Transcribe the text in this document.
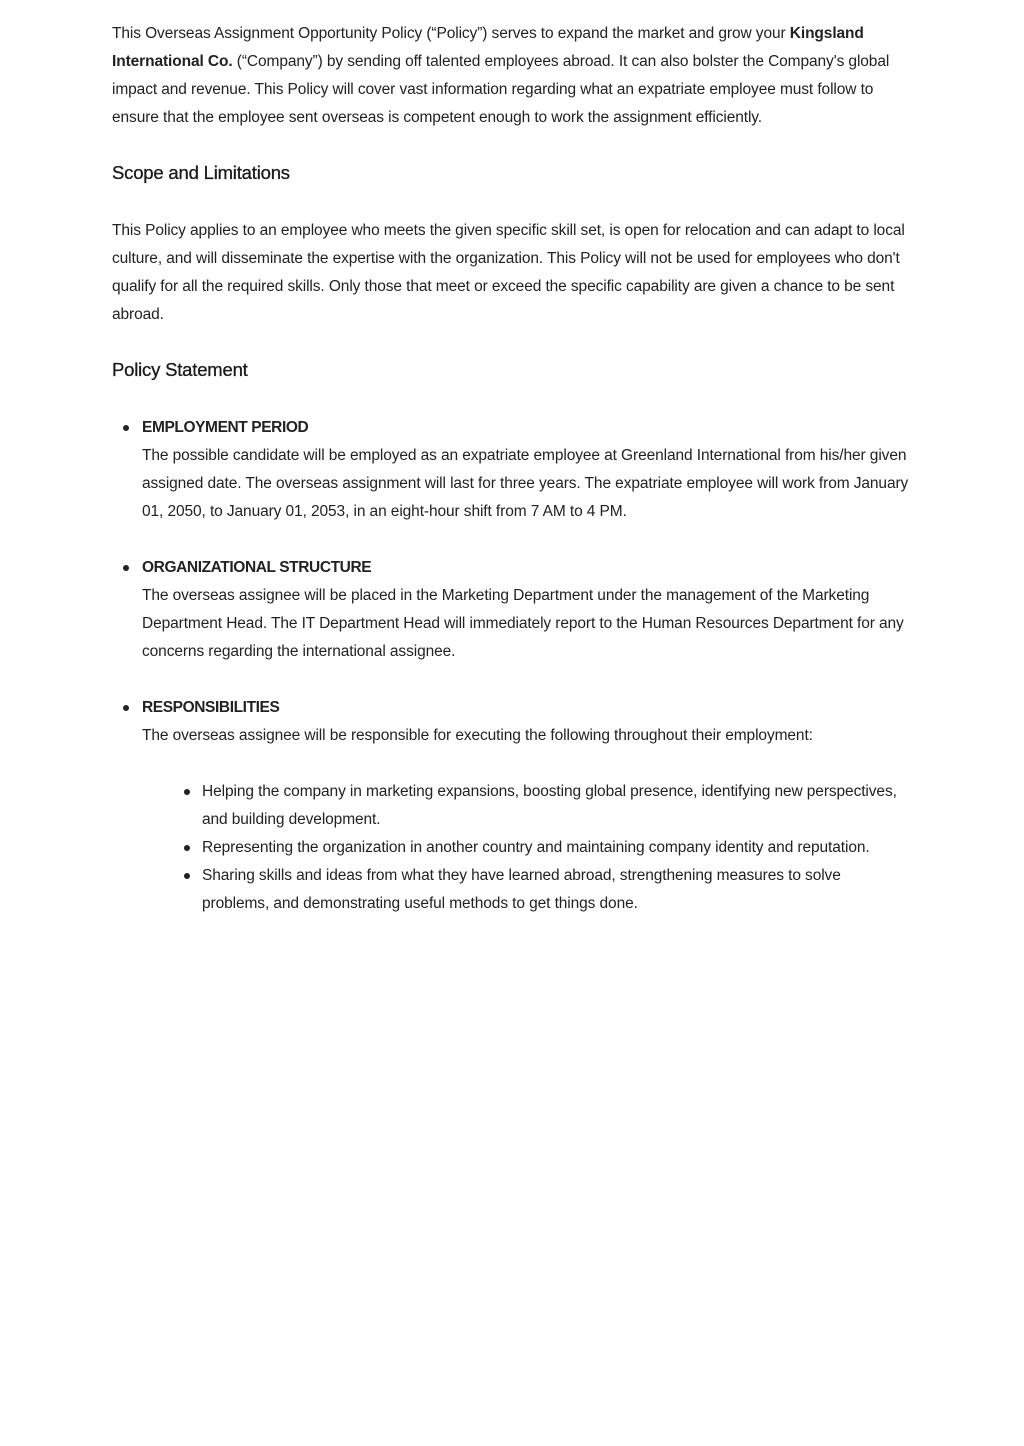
This Overseas Assignment Opportunity Policy (“Policy”) serves to expand the market and grow your Kingsland International Co. (“Company”) by sending off talented employees abroad. It can also bolster the Company's global impact and revenue. This Policy will cover vast information regarding what an expatriate employee must follow to ensure that the employee sent overseas is competent enough to work the assignment efficiently.

Scope and Limitations

This Policy applies to an employee who meets the given specific skill set, is open for relocation and can adapt to local culture, and will disseminate the expertise with the organization. This Policy will not be used for employees who don't qualify for all the required skills. Only those that meet or exceed the specific capability are given a chance to be sent abroad.

Policy Statement
EMPLOYMENT PERIOD

The possible candidate will be employed as an expatriate employee at Greenland International from his/her given assigned date. The overseas assignment will last for three years. The expatriate employee will work from January 01, 2050, to January 01, 2053, in an eight-hour shift from 7 AM to 4 PM.

ORGANIZATIONAL STRUCTURE

The overseas assignee will be placed in the Marketing Department under the management of the Marketing Department Head. The IT Department Head will immediately report to the Human Resources Department for any concerns regarding the international assignee.

RESPONSIBILITIES

The overseas assignee will be responsible for executing the following throughout their employment:

Helping the company in marketing expansions, boosting global presence, identifying new perspectives, and building development.
Representing the organization in another country and maintaining company identity and reputation.
Sharing skills and ideas from what they have learned abroad, strengthening measures to solve problems, and demonstrating useful methods to get things done.
